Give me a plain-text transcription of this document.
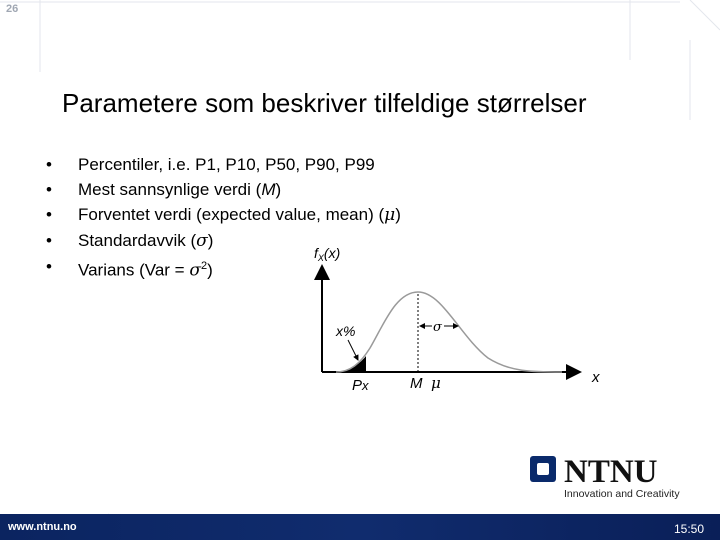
26
Parametere som beskriver tilfeldige størrelser
• Percentiler, i.e. P1, P10, P50, P90, P99
• Mest sannsynlige verdi (M)
• Forventet verdi (expected value, mean) (μ)
• Standardavvik (σ)
• Varians $(Var = \sigma^2)$
$f_X(x)$
x%	σ
Px	M μ	x
NTNU
Innovation and Creativity
www.ntnu.no	15:50
